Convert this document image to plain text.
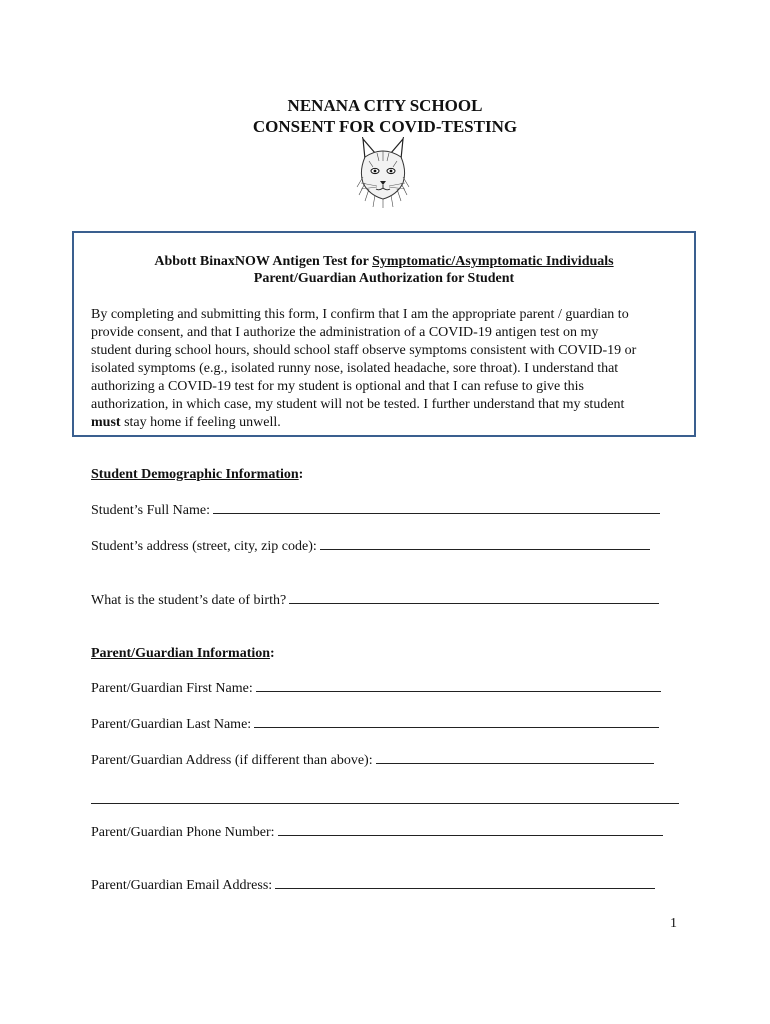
NENANA CITY SCHOOL
CONSENT FOR COVID-TESTING
Abbott BinaxNOW Antigen Test for Symptomatic/Asymptomatic Individuals
Parent/Guardian Authorization for Student

By completing and submitting this form, I confirm that I am the appropriate parent / guardian to
provide consent, and that I authorize the administration of a COVID-19 antigen test on my
student during school hours, should school staff observe symptoms consistent with COVID-19 or
isolated symptoms (e.g., isolated runny nose, isolated headache, sore throat). I understand that
authorizing a COVID-19 test for my student is optional and that I can refuse to give this
authorization, in which case, my student will not be tested. I further understand that my student
must stay home if feeling unwell.

Student Demographic Information:
Student’s Full Name:
Student’s address (street, city, zip code):
What is the student’s date of birth?
Parent/Guardian Information:
Parent/Guardian First Name:
Parent/Guardian Last Name:
Parent/Guardian Address (if different than above):
Parent/Guardian Phone Number:
Parent/Guardian Email Address:
1
